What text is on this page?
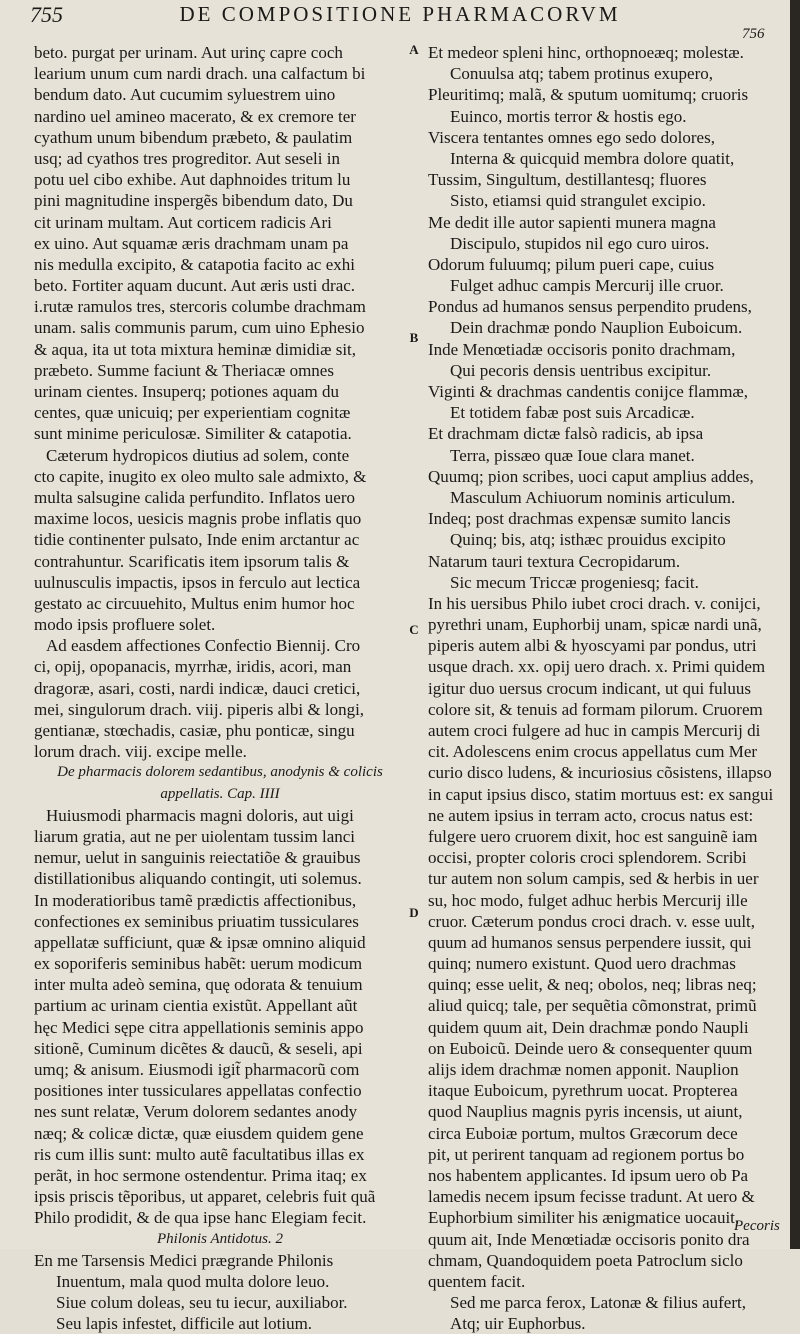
755	DE COMPOSITIONE PHARMACORVM
756
beto. purgat per urinam. Aut urinç capre coch
learium unum cum nardi drach. una calfactum bi
bendum dato. Aut cucumim syluestrem uino
nardino uel amineo macerato, & ex cremore ter
cyathum unum bibendum præbeto, & paulatim
usq; ad cyathos tres progreditor. Aut seseli in
potu uel cibo exhibe. Aut daphnoides tritum lu
pini magnitudine inspergẽs bibendum dato, Du
cit urinam multam. Aut corticem radicis Ari
ex uino. Aut squamæ æris drachmam unam pa
nis medulla excipito, & catapotia facito ac exhi
beto. Fortiter aquam ducunt. Aut æris usti drac.
i.rutæ ramulos tres, stercoris columbe drachmam
unam. salis communis parum, cum uino Ephesio
& aqua, ita ut tota mixtura heminæ dimidiæ sit,
præbeto. Summe faciunt & Theriacæ omnes
urinam cientes. Insuperq; potiones aquam du
centes, quæ unicuiq; per experientiam cognitæ
sunt minime periculosæ. Similiter & catapotia.
Cæterum hydropicos diutius ad solem, conte
cto capite, inugito ex oleo multo sale admixto, &
multa salsugine calida perfundito. Inflatos uero
maxime locos, uesicis magnis probe inflatis quo
tidie continenter pulsato, Inde enim arctantur ac
contrahuntur. Scarificatis item ipsorum talis &
uulnusculis impactis, ipsos in ferculo aut lectica
gestato ac circuuehito, Multus enim humor hoc
modo ipsis profluere solet.
Ad easdem affectiones Confectio Biennij. Cro
ci, opij, opopanacis, myrrhæ, iridis, acori, man
dragoræ, asari, costi, nardi indicæ, dauci cretici,
mei, singulorum drach. viij. piperis albi & longi,
gentianæ, stœchadis, casiæ, phu ponticæ, singu
lorum drach. viij. excipe melle.
De pharmacis dolorem sedantibus, anodynis & colicis
appellatis. Cap. IIII
Huiusmodi pharmacis magni doloris, aut uigi
liarum gratia, aut ne per uiolentam tussim lanci
nemur, uelut in sanguinis reiectatiõe & grauibus
distillationibus aliquando contingit, uti solemus.
In moderatioribus tamẽ prædictis affectionibus,
confectiones ex seminibus priuatim tussiculares
appellatæ sufficiunt, quæ & ipsæ omnino aliquid
ex soporiferis seminibus habẽt: uerum modicum
inter multa adeò semina, quę odorata & tenuium
partium ac urinam cientia existũt. Appellant aũt
hęc Medici sępe citra appellationis seminis appo
sitionẽ, Cuminum dicẽtes & daucũ, & seseli, api
umq; & anisum. Eiusmodi igit̃ pharmacorũ com
positiones inter tussiculares appellatas confectio
nes sunt relatæ, Verum dolorem sedantes anody
næq; & colicæ dictæ, quæ eiusdem quidem gene
ris cum illis sunt: multo autẽ facultatibus illas ex
perãt, in hoc sermone ostendentur. Prima itaq; ex
ipsis priscis tẽporibus, ut apparet, celebris fuit quã
Philo prodidit, & de qua ipse hanc Elegiam fecit.
Philonis Antidotus. 2
En me Tarsensis Medici prægrande Philonis
Inuentum, mala quod multa dolore leuo.
Siue colum doleas, seu tu iecur, auxiliabor.
Seu lapis infestet, difficile aut lotium.
Et medeor spleni hinc, orthopnoeæq; molestæ.
Conuulsa atq; tabem protinus exupero,
Pleuritimq; malã, & sputum uomitumq; cruoris
Euinco, mortis terror & hostis ego.
Viscera tentantes omnes ego sedo dolores,
Interna & quicquid membra dolore quatit,
Tussim, Singultum, destillantesq; fluores
Sisto, etiamsi quid strangulet excipio.
Me dedit ille autor sapienti munera magna
Discipulo, stupidos nil ego curo uiros.
Odorum fuluumq; pilum pueri cape, cuius
Fulget adhuc campis Mercurij ille cruor.
Pondus ad humanos sensus perpendito prudens,
Dein drachmæ pondo Nauplion Euboicum.
Inde Menœtiadæ occisoris ponito drachmam,
Qui pecoris densis uentribus excipitur.
Viginti & drachmas candentis conijce flammæ,
Et totidem fabæ post suis Arcadicæ.
Et drachmam dictæ falsò radicis, ab ipsa
Terra, pissæo quæ Ioue clara manet.
Quumq; pion scribes, uoci caput amplius addes,
Masculum Achiuorum nominis articulum.
Indeq; post drachmas expensæ sumito lancis
Quinq; bis, atq; isthæc prouidus excipito
Natarum tauri textura Cecropidarum.
Sic mecum Triccæ progeniesq; facit.
In his uersibus Philo iubet croci drach. v. conijci,
pyrethri unam, Euphorbij unam, spicæ nardi unã,
piperis autem albi & hyoscyami par pondus, utri
usque drach. xx. opij uero drach. x. Primi quidem
igitur duo uersus crocum indicant, ut qui fuluus
colore sit, & tenuis ad formam pilorum. Cruorem
autem croci fulgere ad huc in campis Mercurij di
cit. Adolescens enim crocus appellatus cum Mer
curio disco ludens, & incuriosius cõsistens, illapso
in caput ipsius disco, statim mortuus est: ex sangui
ne autem ipsius in terram acto, crocus natus est:
fulgere uero cruorem dixit, hoc est sanguinẽ iam
occisi, propter coloris croci splendorem. Scribi
tur autem non solum campis, sed & herbis in uer
su, hoc modo, fulget adhuc herbis Mercurij ille
cruor. Cæterum pondus croci drach. v. esse uult,
quum ad humanos sensus perpendere iussit, qui
quinq; numero existunt. Quod uero drachmas
quinq; esse uelit, & neq; obolos, neq; libras neq;
aliud quicq; tale, per sequẽtia cõmonstrat, primũ
quidem quum ait, Dein drachmæ pondo Naupli
on Euboicũ. Deinde uero & consequenter quum
alijs idem drachmæ nomen apponit. Nauplion
itaque Euboicum, pyrethrum uocat. Propterea
quod Nauplius magnis pyris incensis, ut aiunt,
circa Euboiæ portum, multos Græcorum dece
pit, ut perirent tanquam ad regionem portus bo
nos habentem applicantes. Id ipsum uero ob Pa
lamedis necem ipsum fecisse tradunt. At uero &
Euphorbium similiter his ænigmatice uocauit,
quum ait, Inde Menœtiadæ occisoris ponito dra
chmam, Quandoquidem poeta Patroclum siclo
quentem facit.
Sed me parca ferox, Latonæ & filius aufert,
Atq; uir Euphorbus.
A
B
C
D
Pecoris
